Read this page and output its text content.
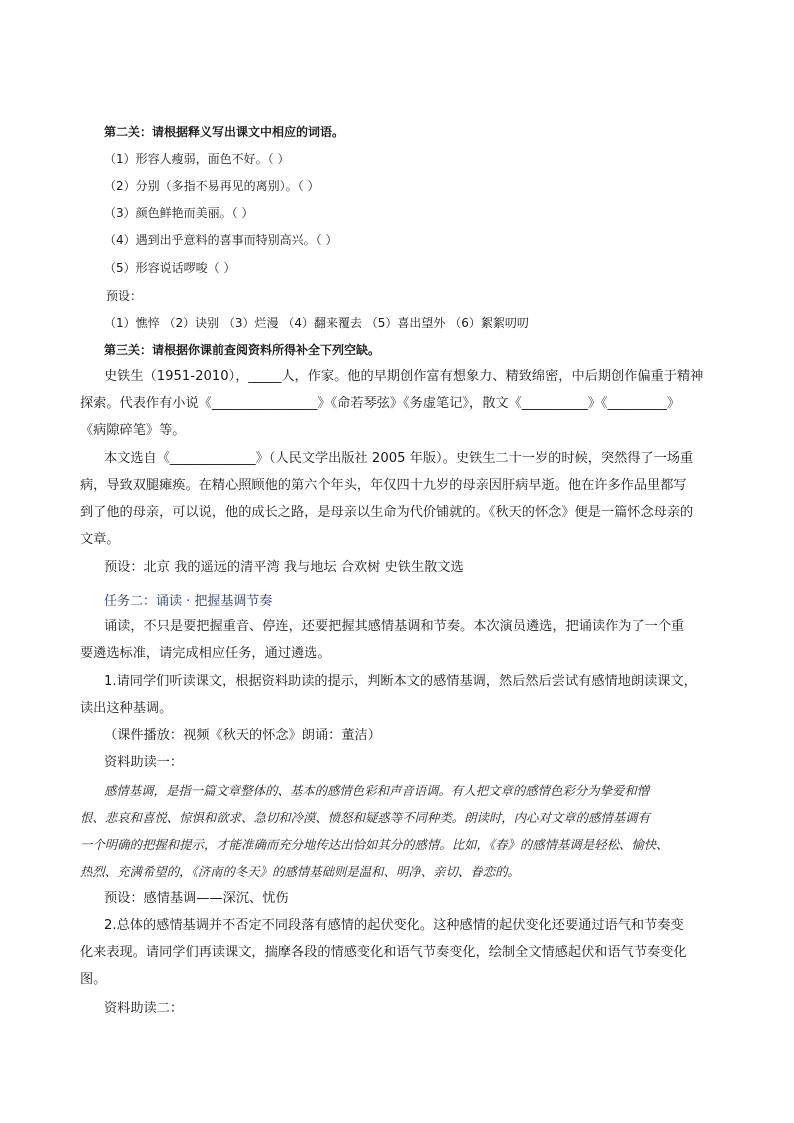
第二关：请根据释义写出课文中相应的词语。
（1）形容人瘦弱，面色不好。（ ）
（2）分别（多指不易再见的离别）。（ ）
（3）颜色鲜艳而美丽。（ ）
（4）遇到出乎意料的喜事而特别高兴。（ ）
（5）形容说话啰唆（ ）
预设：
（1）憔悴 （2）诀别 （3）烂漫 （4）翻来覆去 （5）喜出望外 （6）絮絮叨叨
第三关：请根据你课前查阅资料所得补全下列空缺。
史铁生（1951-2010），_____人，作家。他的早期创作富有想象力、精致绵密，中后期创作偏重于精神
探索。代表作有小说《________________》《命若琴弦》《务虚笔记》，散文《__________》《_________》
《病隙碎笔》等。
本文选自《_____________》（人民文学出版社 2005 年版）。史铁生二十一岁的时候，突然得了一场重
病，导致双腿瘫痪。在精心照顾他的第六个年头，年仅四十九岁的母亲因肝病早逝。他在许多作品里都写
到了他的母亲，可以说，他的成长之路，是母亲以生命为代价铺就的。《秋天的怀念》便是一篇怀念母亲的
文章。
预设：北京 我的遥远的清平湾 我与地坛 合欢树 史铁生散文选
任务二：诵读 · 把握基调节奏
诵读，不只是要把握重音、停连，还要把握其感情基调和节奏。本次演员遴选，把诵读作为了一个重
要遴选标准，请完成相应任务，通过遴选。
1.请同学们听读课文，根据资料助读的提示，判断本文的感情基调，然后然后尝试有感情地朗读课文，
读出这种基调。
（课件播放：视频《秋天的怀念》朗诵：董洁）
资料助读一：
感情基调，是指一篇文章整体的、基本的感情色彩和声音语调。有人把文章的感情色彩分为挚爱和憎
恨、悲哀和喜悦、惊惧和欲求、急切和冷漠、愤怒和疑惑等不同种类。朗读时，内心对文章的感情基调有
一个明确的把握和提示，才能准确而充分地传达出恰如其分的感情。比如，《春》的感情基调是轻松、愉快、
热烈、充满希望的，《济南的冬天》的感情基础则是温和、明净、亲切、眷恋的。
预设：感情基调——深沉、忧伤
2.总体的感情基调并不否定不同段落有感情的起伏变化。这种感情的起伏变化还要通过语气和节奏变
化来表现。请同学们再读课文，揣摩各段的情感变化和语气节奏变化，绘制全文情感起伏和语气节奏变化
图。
资料助读二：
